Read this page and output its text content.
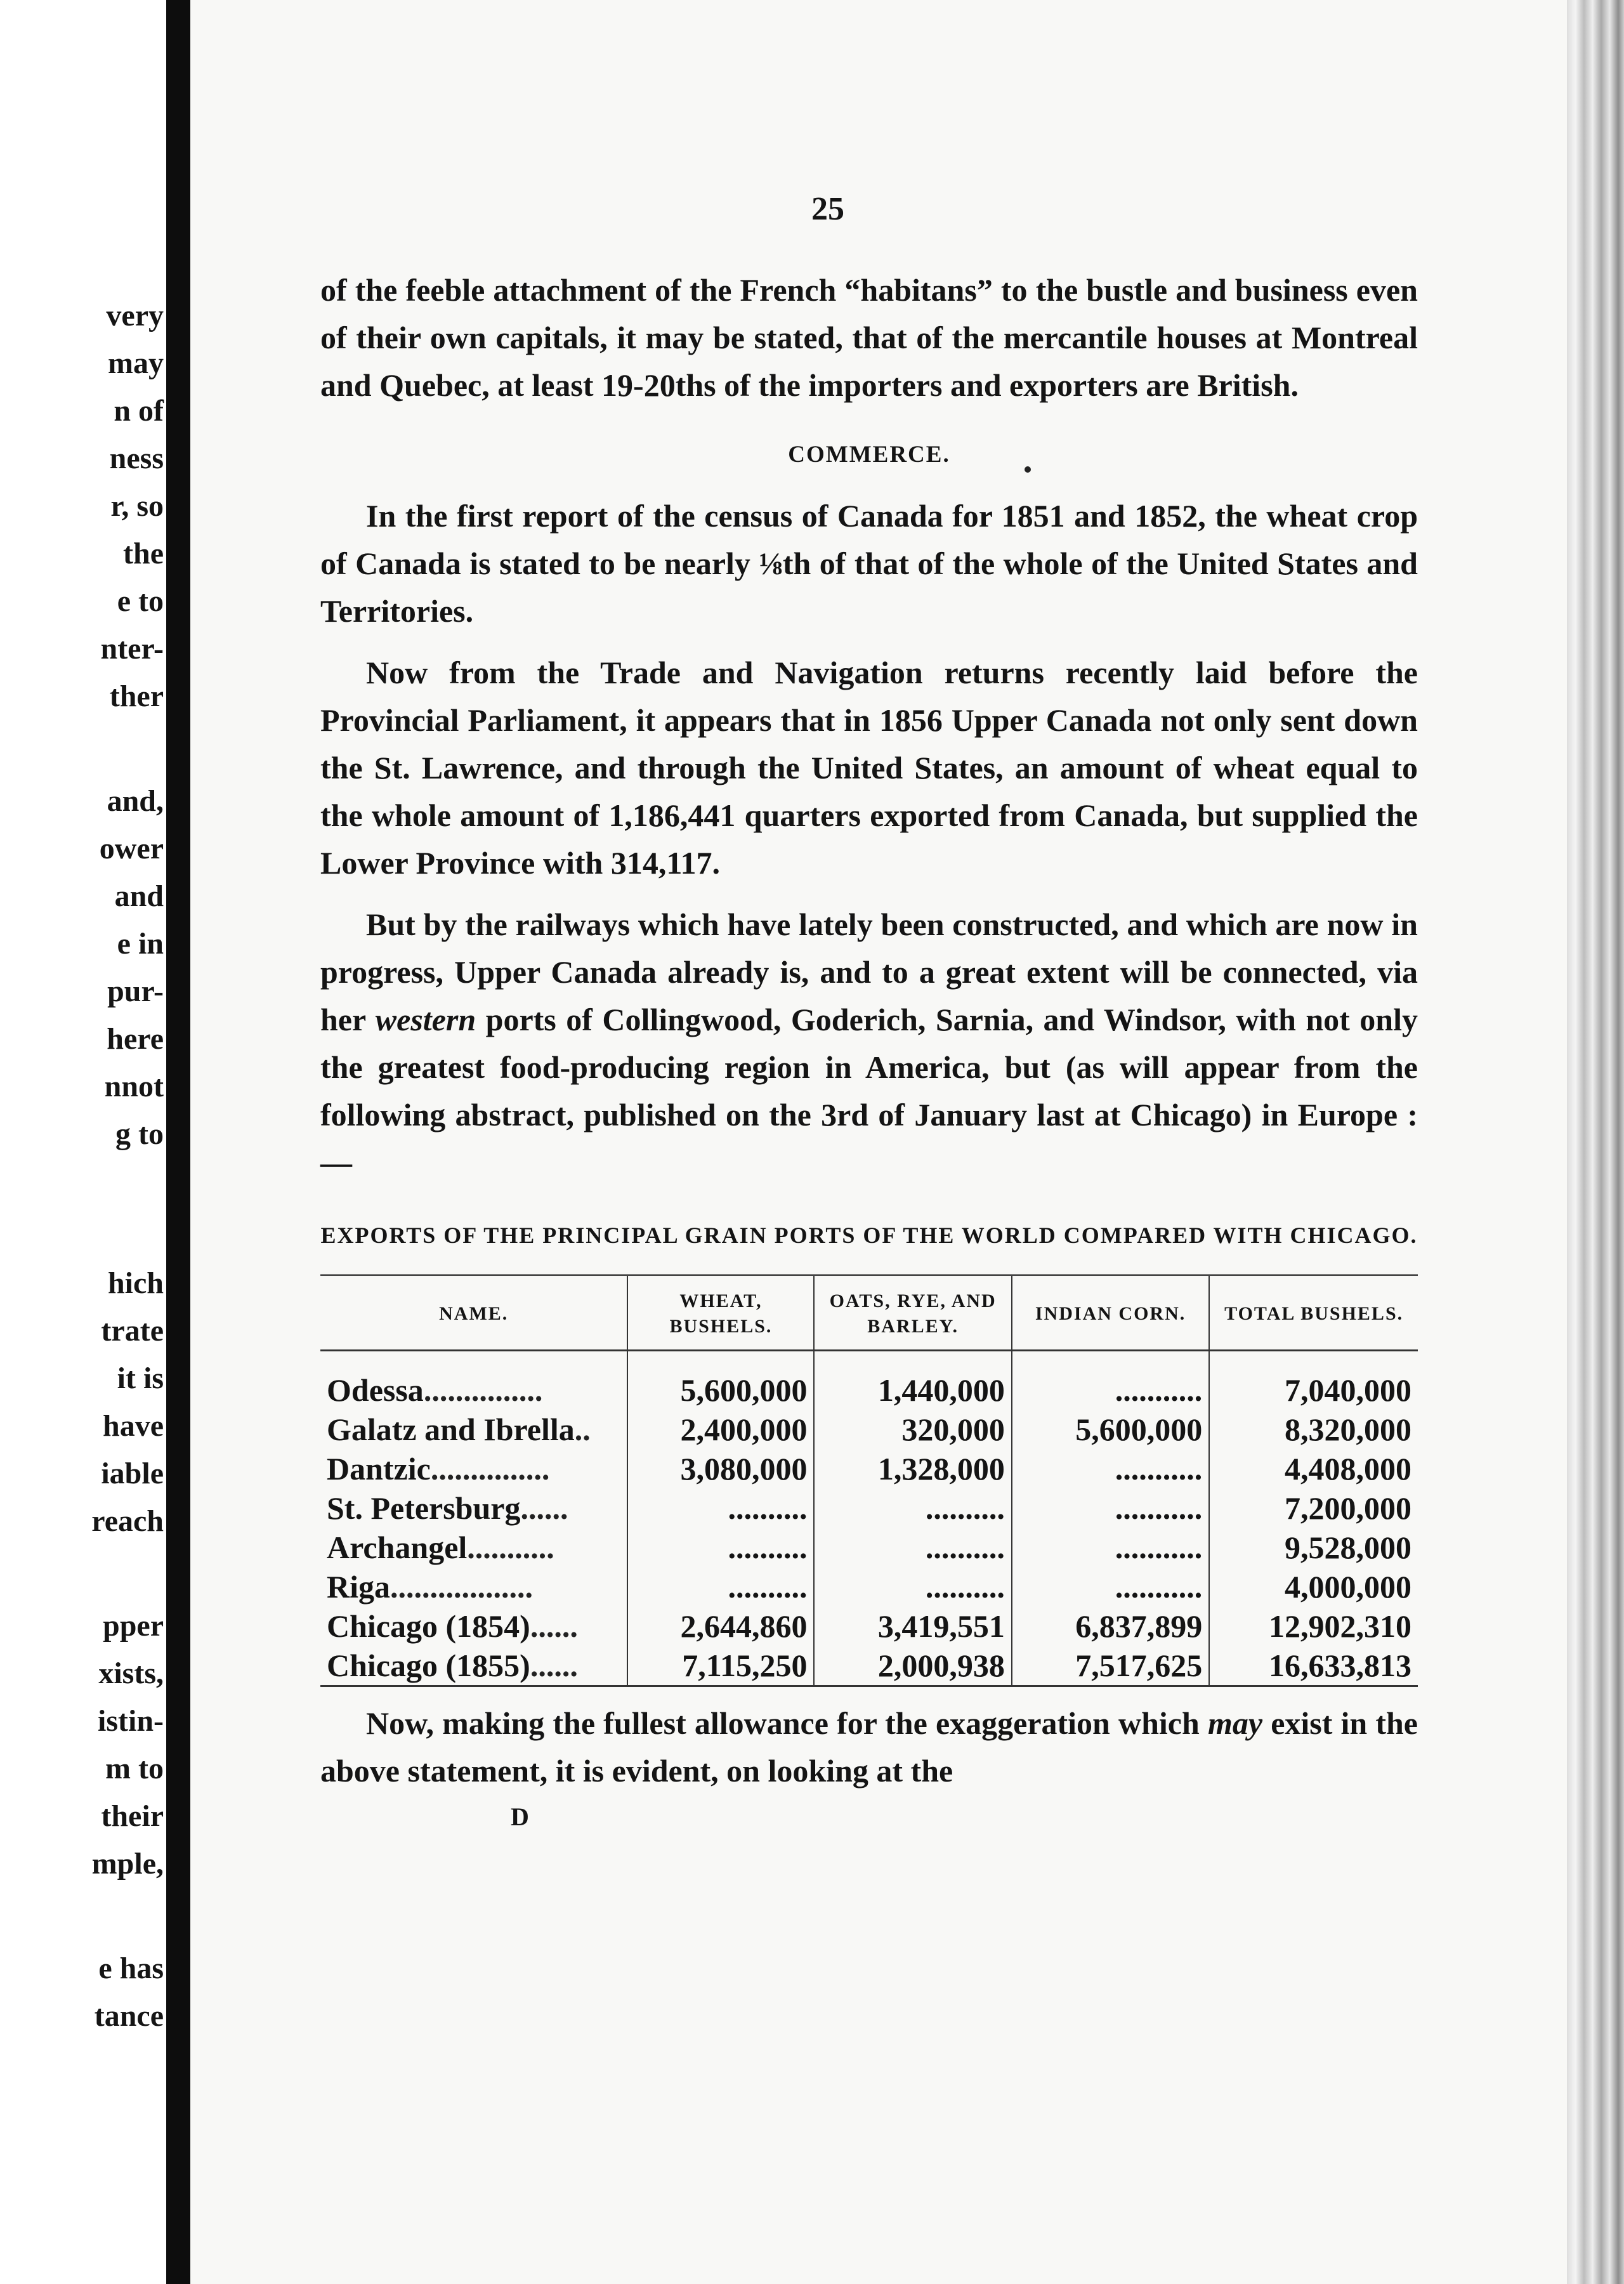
very
may
n of
ness
r, so
the
e to
nter-
ther
and,
ower
and
e in
pur-
here
nnot
g to
hich
trate
it is
have
iable
reach
pper
xists,
istin-
m to
their
mple,
e has
tance
25

of the feeble attachment of the French “habitans” to the bustle and business even of their own capitals, it may be stated, that of the mercantile houses at Montreal and Quebec, at least 19-20ths of the importers and exporters are British.

COMMERCE.

In the first report of the census of Canada for 1851 and 1852, the wheat crop of Canada is stated to be nearly ⅛th of that of the whole of the United States and Territories.

Now from the Trade and Navigation returns recently laid before the Provincial Parliament, it appears that in 1856 Upper Canada not only sent down the St. Lawrence, and through the United States, an amount of wheat equal to the whole amount of 1,186,441 quarters exported from Canada, but supplied the Lower Province with 314,117.

But by the railways which have lately been constructed, and which are now in progress, Upper Canada already is, and to a great extent will be connected, via her western ports of Collingwood, Goderich, Sarnia, and Windsor, with not only the greatest food-producing region in America, but (as will appear from the following abstract, published on the 3rd of January last at Chicago) in Europe :—

EXPORTS OF THE PRINCIPAL GRAIN PORTS OF THE WORLD COMPARED WITH CHICAGO.
NAME.	WHEAT, BUSHELS.	OATS, RYE, AND BARLEY.	INDIAN CORN.	TOTAL BUSHELS.
Odessa...............	5,600,000	1,440,000	...........	7,040,000
Galatz and Ibrella..	2,400,000	320,000	5,600,000	8,320,000
Dantzic...............	3,080,000	1,328,000	...........	4,408,000
St. Petersburg......	..........	..........	...........	7,200,000
Archangel...........	..........	..........	...........	9,528,000
Riga..................	..........	..........	...........	4,000,000
Chicago (1854)......	2,644,860	3,419,551	6,837,899	12,902,310
Chicago (1855)......	7,115,250	2,000,938	7,517,625	16,633,813

Now, making the fullest allowance for the exaggeration which may exist in the above statement, it is evident, on looking at the

D
